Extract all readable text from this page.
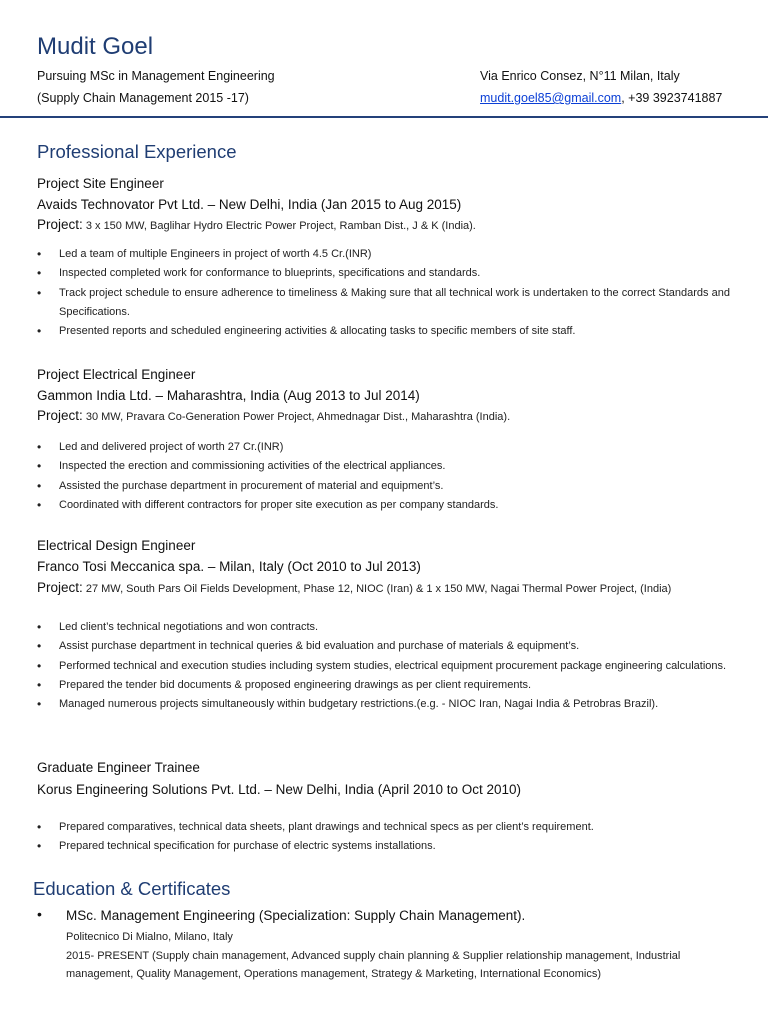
Mudit Goel
Pursuing MSc in Management Engineering
(Supply Chain Management 2015 -17)
Via Enrico Consez, N°11 Milan, Italy
mudit.goel85@gmail.com, +39 3923741887
Professional Experience
Project Site Engineer
Avaids Technovator Pvt Ltd. – New Delhi, India (Jan 2015 to Aug 2015)
Project: 3 x 150 MW, Baglihar Hydro Electric Power Project, Ramban Dist., J & K (India).
• Led a team of multiple Engineers in project of worth 4.5 Cr.(INR)
• Inspected completed work for conformance to blueprints, specifications and standards.
• Track project schedule to ensure adherence to timeliness & Making sure that all technical work is undertaken to the correct Standards and Specifications.
• Presented reports and scheduled engineering activities & allocating tasks to specific members of site staff.
Project Electrical Engineer
Gammon India Ltd. – Maharashtra, India (Aug 2013 to Jul 2014)
Project: 30 MW, Pravara Co-Generation Power Project, Ahmednagar Dist., Maharashtra (India).
• Led and delivered project of worth 27 Cr.(INR)
• Inspected the erection and commissioning activities of the electrical appliances.
• Assisted the purchase department in procurement of material and equipment’s.
• Coordinated with different contractors for proper site execution as per company standards.
Electrical Design Engineer
Franco Tosi Meccanica spa. – Milan, Italy (Oct 2010 to Jul 2013)
Project: 27 MW, South Pars Oil Fields Development, Phase 12, NIOC (Iran) & 1 x 150 MW, Nagai Thermal Power Project, (India)
• Led client’s technical negotiations and won contracts.
• Assist purchase department in technical queries & bid evaluation and purchase of materials & equipment’s.
• Performed technical and execution studies including system studies, electrical equipment procurement package engineering calculations.
• Prepared the tender bid documents & proposed engineering drawings as per client requirements.
• Managed numerous projects simultaneously within budgetary restrictions.(e.g. - NIOC Iran, Nagai India & Petrobras Brazil).
Graduate Engineer Trainee
Korus Engineering Solutions Pvt. Ltd. – New Delhi, India (April 2010 to Oct 2010)
• Prepared comparatives, technical data sheets, plant drawings and technical specs as per client’s requirement.
• Prepared technical specification for purchase of electric systems installations.
Education & Certificates
• MSc. Management Engineering (Specialization: Supply Chain Management).
Politecnico Di Mialno, Milano, Italy
2015- PRESENT (Supply chain management, Advanced supply chain planning & Supplier relationship management, Industrial management, Quality Management, Operations management, Strategy & Marketing, International Economics)
